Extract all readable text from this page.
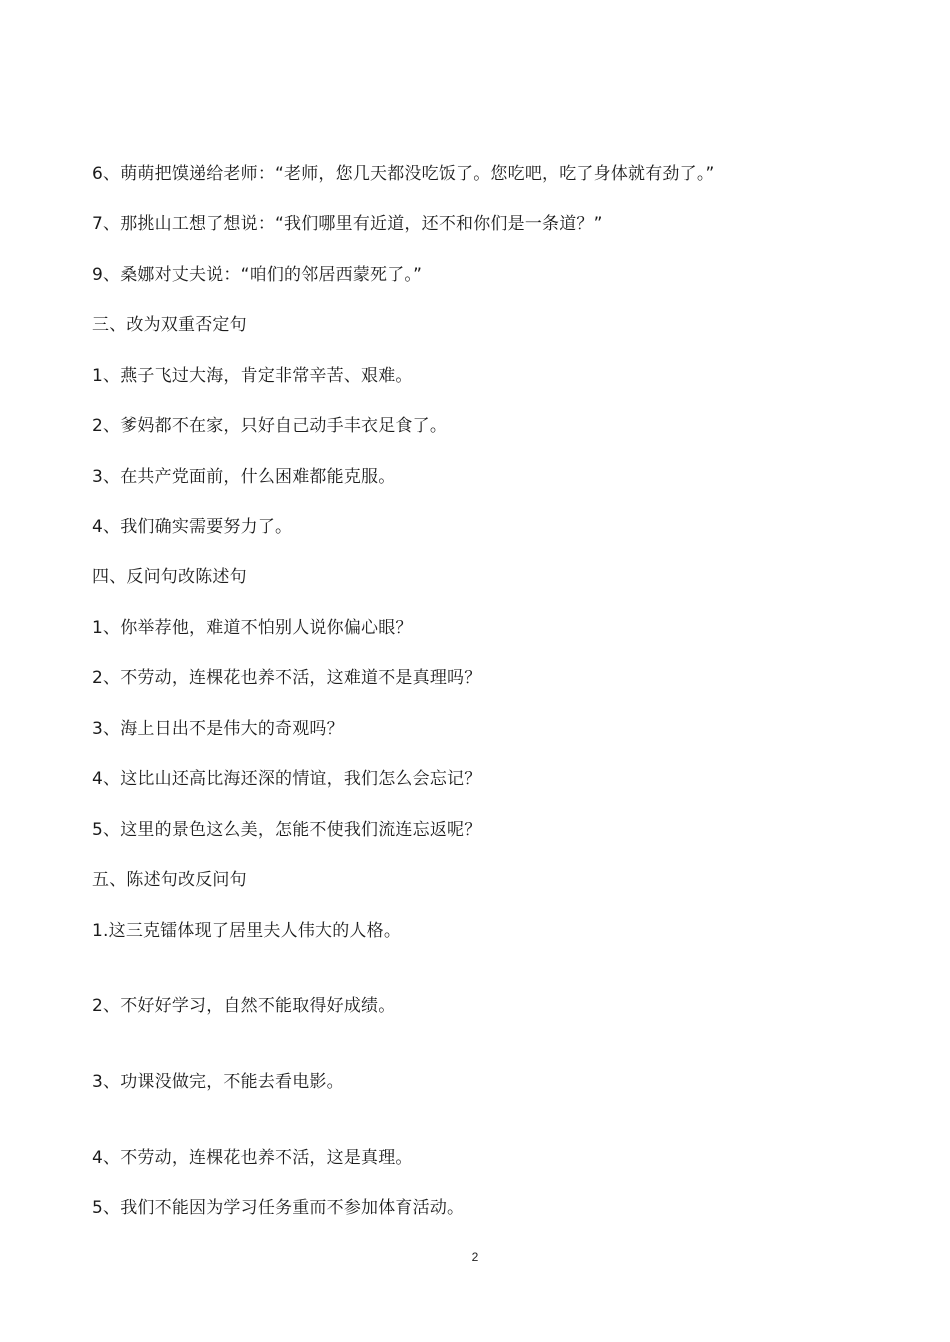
6、萌萌把馍递给老师：“老师，您几天都没吃饭了。您吃吧，吃了身体就有劲了。”
7、那挑山工想了想说：“我们哪里有近道，还不和你们是一条道？”
9、桑娜对丈夫说：“咱们的邻居西蒙死了。”
三、改为双重否定句
1、燕子飞过大海，肯定非常辛苦、艰难。
2、爹妈都不在家，只好自己动手丰衣足食了。
3、在共产党面前，什么困难都能克服。
4、我们确实需要努力了。
四、反问句改陈述句
1、你举荐他，难道不怕别人说你偏心眼？
2、不劳动，连棵花也养不活，这难道不是真理吗？
3、海上日出不是伟大的奇观吗？
4、这比山还高比海还深的情谊，我们怎么会忘记？
5、这里的景色这么美，怎能不使我们流连忘返呢？
五、陈述句改反问句
1.这三克镭体现了居里夫人伟大的人格。
2、不好好学习，自然不能取得好成绩。
3、功课没做完，不能去看电影。
4、不劳动，连棵花也养不活，这是真理。
5、我们不能因为学习任务重而不参加体育活动。
2
